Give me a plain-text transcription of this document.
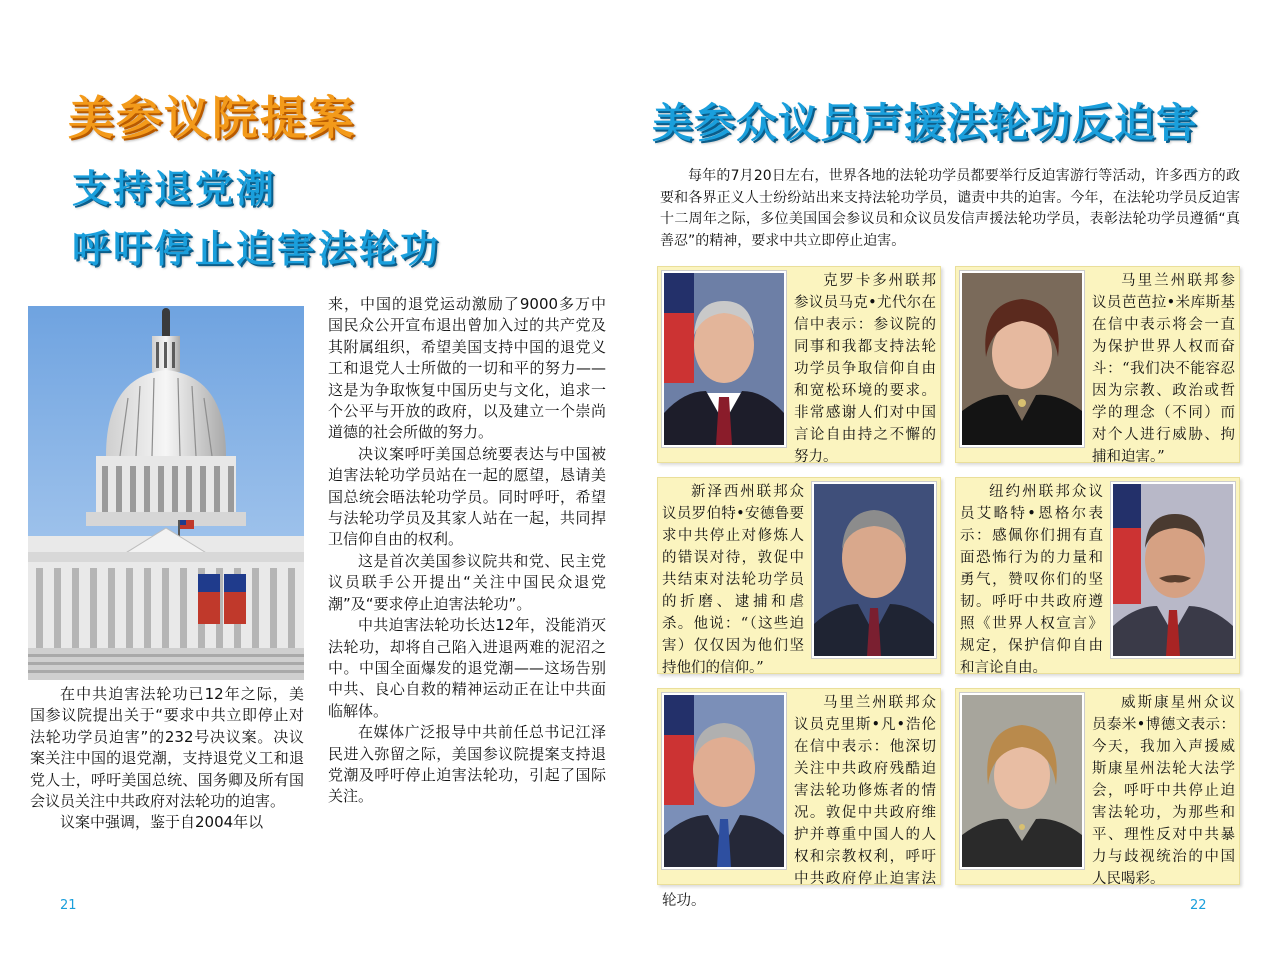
美参议院提案
支持退党潮
呼吁停止迫害法轮功

在中共迫害法轮功已12年之际，美国参议院提出关于“要求中共立即停止对法轮功学员迫害”的232号决议案。决议案关注中国的退党潮，支持退党义工和退党人士，呼吁美国总统、国务卿及所有国会议员关注中共政府对法轮功的迫害。

议案中强调，鉴于自2004年以

来，中国的退党运动激励了9000多万中国民众公开宣布退出曾加入过的共产党及其附属组织，希望美国支持中国的退党义工和退党人士所做的一切和平的努力——这是为争取恢复中国历史与文化，追求一个公平与开放的政府，以及建立一个崇尚道德的社会所做的努力。

决议案呼吁美国总统要表达与中国被迫害法轮功学员站在一起的愿望，恳请美国总统会晤法轮功学员。同时呼吁，希望与法轮功学员及其家人站在一起，共同捍卫信仰自由的权利。

这是首次美国参议院共和党、民主党议员联手公开提出“关注中国民众退党潮”及“要求停止迫害法轮功”。

中共迫害法轮功长达12年，没能消灭法轮功，却将自己陷入进退两难的泥沼之中。中国全面爆发的退党潮——这场告别中共、良心自救的精神运动正在让中共面临解体。

在媒体广泛报导中共前任总书记江泽民进入弥留之际，美国参议院提案支持退党潮及呼吁停止迫害法轮功，引起了国际关注。

21
美参众议员声援法轮功反迫害

每年的7月20日左右，世界各地的法轮功学员都要举行反迫害游行等活动，许多西方的政要和各界正义人士纷纷站出来支持法轮功学员，谴责中共的迫害。今年，在法轮功学员反迫害十二周年之际，多位美国国会参议员和众议员发信声援法轮功学员，表彰法轮功学员遵循“真善忍”的精神，要求中共立即停止迫害。

克罗卡多州联邦参议员马克•尤代尔在信中表示：参议院的同事和我都支持法轮功学员争取信仰自由和宽松环境的要求。非常感谢人们对中国言论自由持之不懈的努力。

马里兰州联邦参议员芭芭拉•米库斯基在信中表示将会一直为保护世界人权而奋斗：“我们决不能容忍因为宗教、政治或哲学的理念（不同）而对个人进行威胁、拘捕和迫害。”

新泽西州联邦众议员罗伯特•安德鲁要求中共停止对修炼人的错误对待，敦促中共结束对法轮功学员的折磨、逮捕和虐杀。他说：“（这些迫害）仅仅因为他们坚持他们的信仰。”

纽约州联邦众议员艾略特•恩格尔表示：感佩你们拥有直面恐怖行为的力量和勇气，赞叹你们的坚韧。呼吁中共政府遵照《世界人权宣言》规定，保护信仰自由和言论自由。

马里兰州联邦众议员克里斯•凡•浩伦在信中表示：他深切关注中共政府残酷迫害法轮功修炼者的情况。敦促中共政府维护并尊重中国人的人权和宗教权利，呼吁中共政府停止迫害法轮功。

威斯康星州众议员泰米•博德文表示：今天，我加入声援威斯康星州法轮大法学会，呼吁中共停止迫害法轮功，为那些和平、理性反对中共暴力与歧视统治的中国人民喝彩。

22
